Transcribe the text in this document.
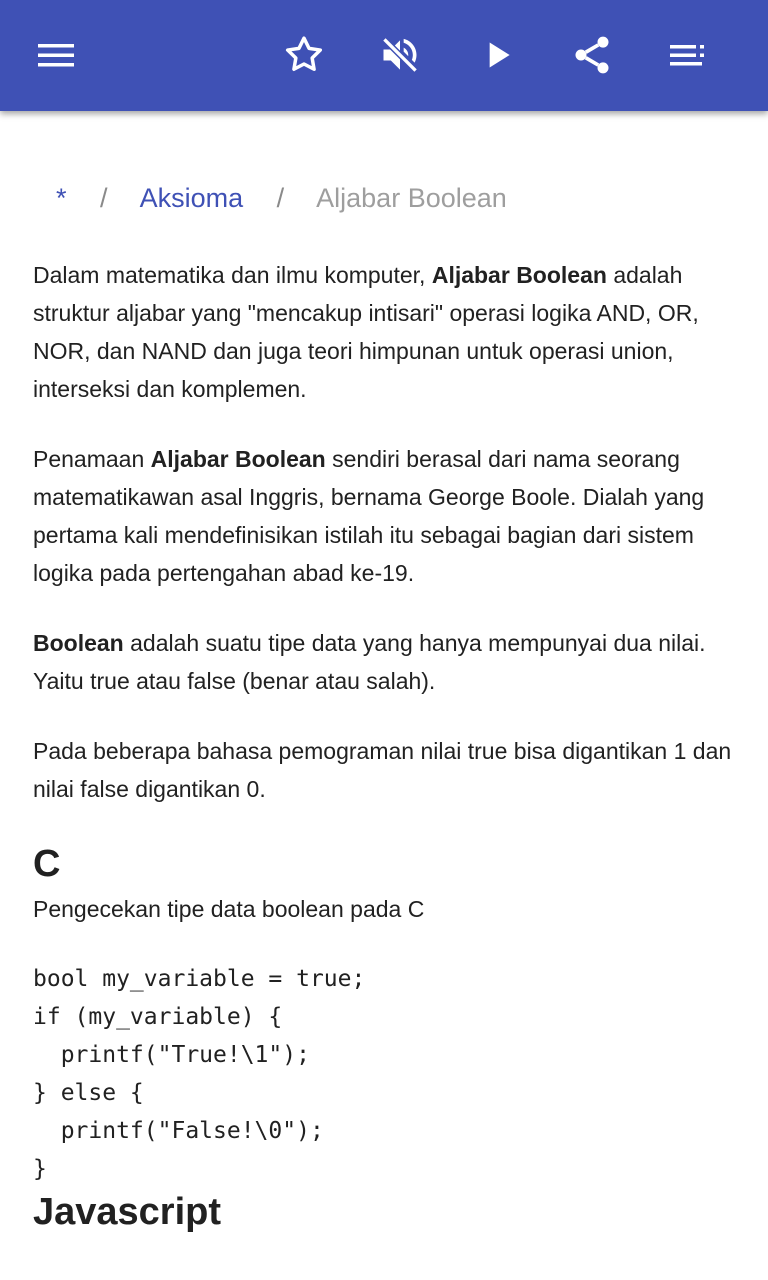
* / Aksioma / Aljabar Boolean

Dalam matematika dan ilmu komputer, Aljabar Boolean adalah struktur aljabar yang "mencakup intisari" operasi logika AND, OR, NOR, dan NAND dan juga teori himpunan untuk operasi union, interseksi dan komplemen.

Penamaan Aljabar Boolean sendiri berasal dari nama seorang matematikawan asal Inggris, bernama George Boole. Dialah yang pertama kali mendefinisikan istilah itu sebagai bagian dari sistem logika pada pertengahan abad ke-19.

Boolean adalah suatu tipe data yang hanya mempunyai dua nilai. Yaitu true atau false (benar atau salah).

Pada beberapa bahasa pemograman nilai true bisa digantikan 1 dan nilai false digantikan 0.

C

Pengecekan tipe data boolean pada C

bool my_variable = true;
if (my_variable) {
printf("True!\1");
} else {
printf("False!\0");
}
Javascript
